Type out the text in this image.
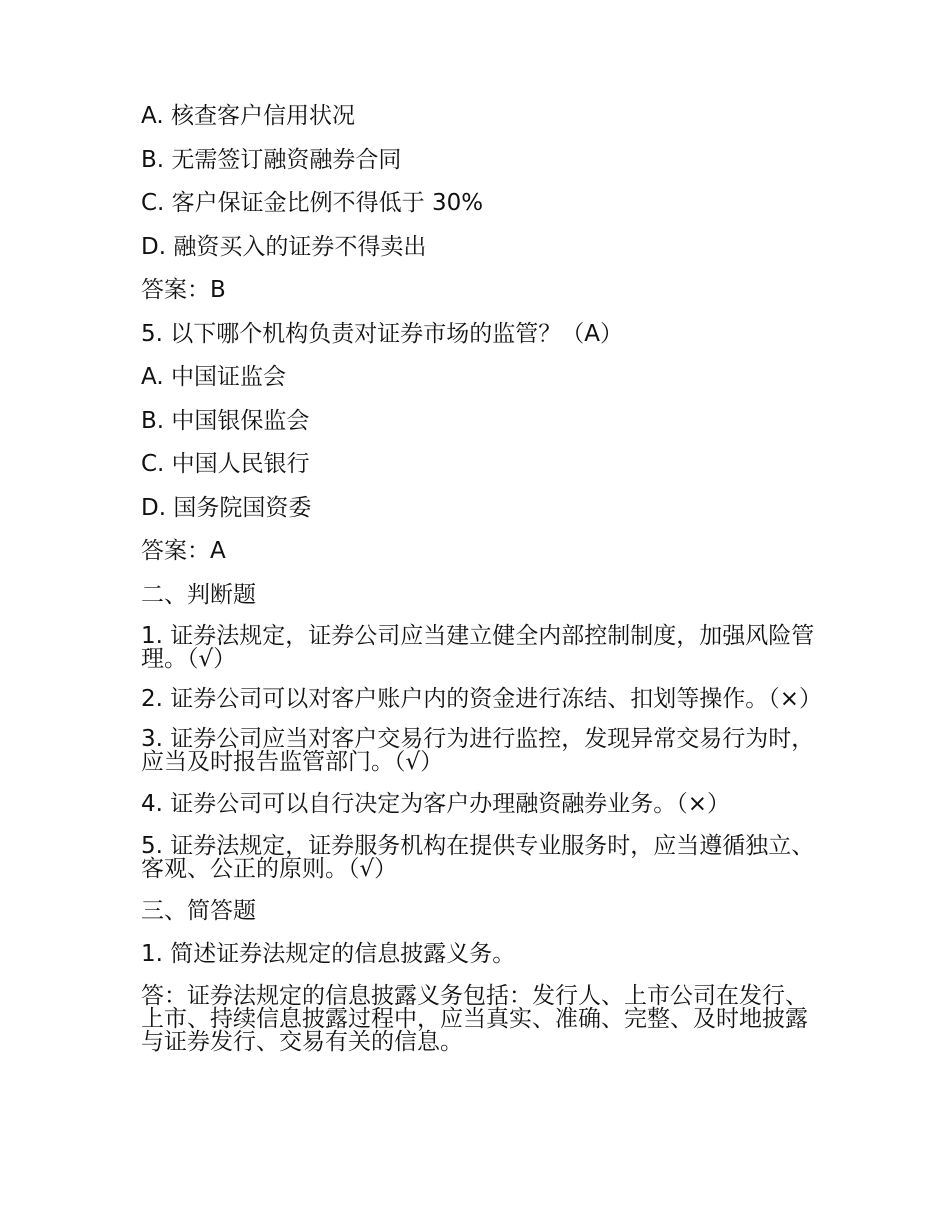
A. 核查客户信用状况
B. 无需签订融资融券合同
C. 客户保证金比例不得低于 30%
D. 融资买入的证券不得卖出
答案：B
5. 以下哪个机构负责对证券市场的监管？（A）
A. 中国证监会
B. 中国银保监会
C. 中国人民银行
D. 国务院国资委
答案：A
二、判断题
1. 证券法规定，证券公司应当建立健全内部控制制度，加强风险管理。（√）
2. 证券公司可以对客户账户内的资金进行冻结、扣划等操作。（×）
3. 证券公司应当对客户交易行为进行监控，发现异常交易行为时，应当及时报告监管部门。（√）
4. 证券公司可以自行决定为客户办理融资融券业务。（×）
5. 证券法规定，证券服务机构在提供专业服务时，应当遵循独立、客观、公正的原则。（√）
三、简答题
1. 简述证券法规定的信息披露义务。
答：证券法规定的信息披露义务包括：发行人、上市公司在发行、上市、持续信息披露过程中，应当真实、准确、完整、及时地披露与证券发行、交易有关的信息。
